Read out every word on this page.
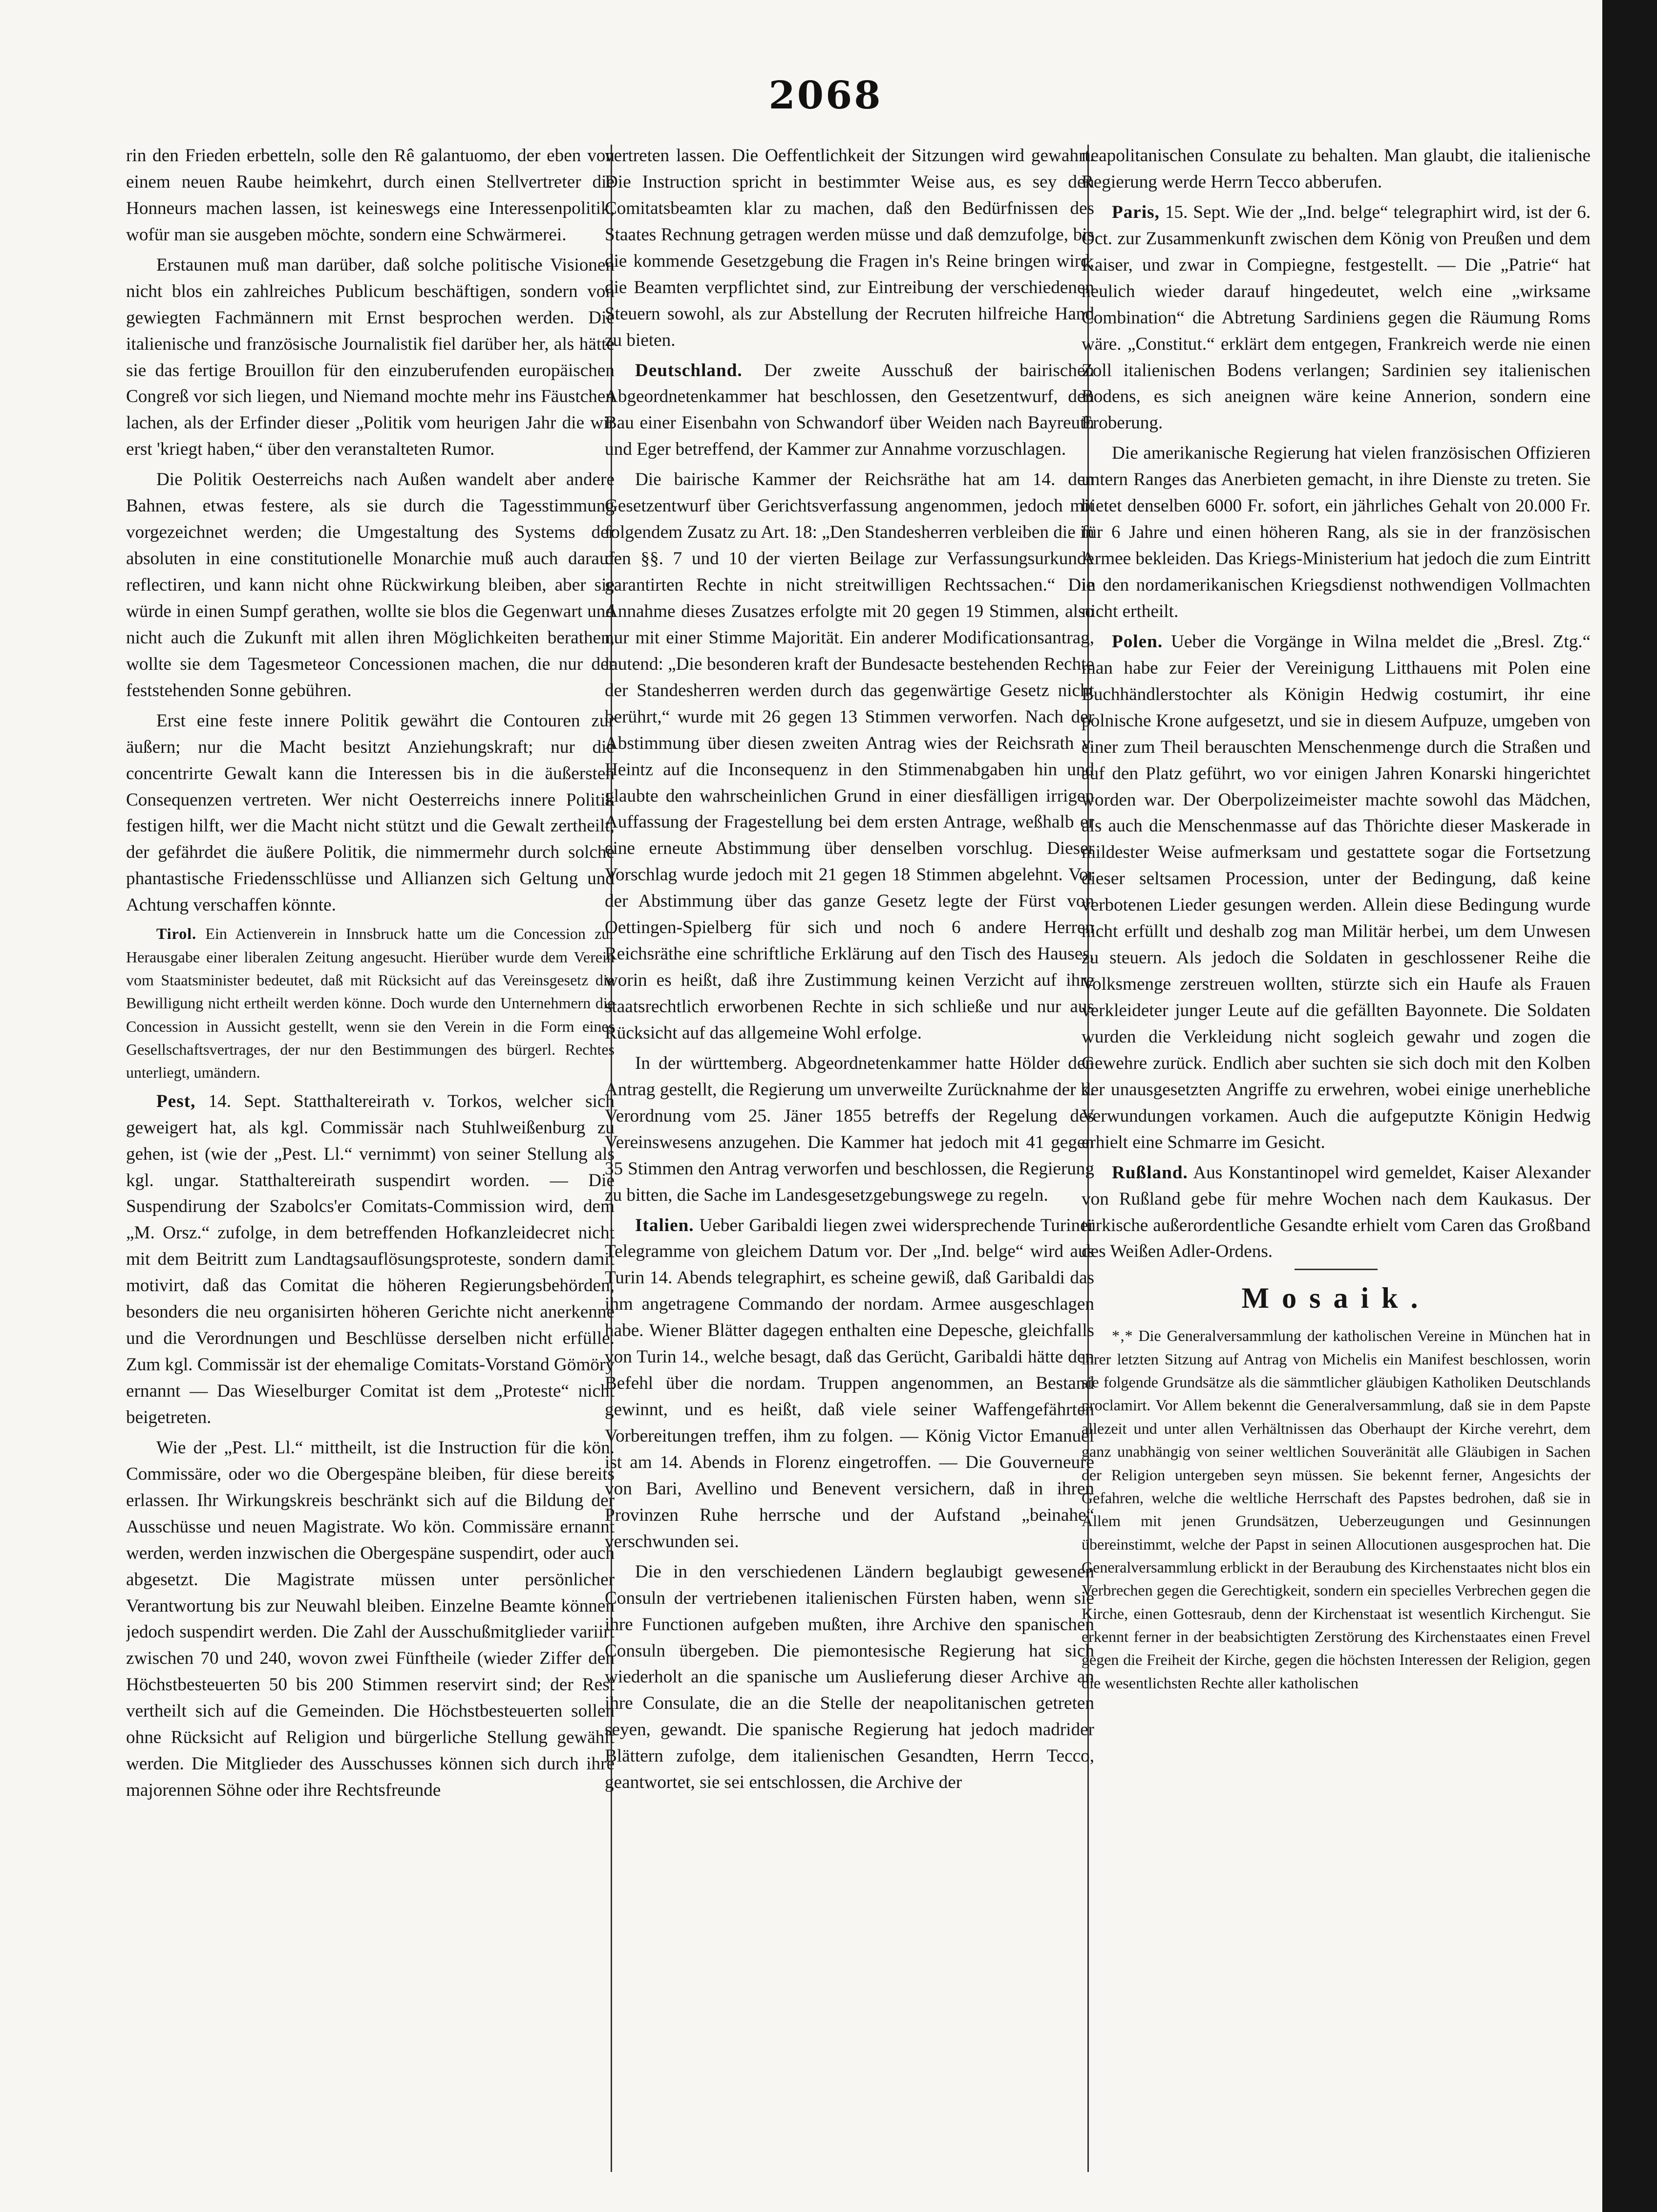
2068

rin den Frieden erbetteln, solle den Rê galantuomo, der eben von einem neuen Raube heimkehrt, durch einen Stellvertreter die Honneurs machen lassen, ist keineswegs eine Interessenpolitik, wofür man sie ausgeben möchte, sondern eine Schwärmerei.

Erstaunen muß man darüber, daß solche politische Visionen nicht blos ein zahlreiches Publicum beschäftigen, sondern von gewiegten Fachmännern mit Ernst besprochen werden. Die italienische und französische Journalistik fiel darüber her, als hätte sie das fertige Brouillon für den einzuberufenden europäischen Congreß vor sich liegen, und Niemand mochte mehr ins Fäustchen lachen, als der Erfinder dieser „Politik vom heurigen Jahr die wir erst 'kriegt haben,“ über den veranstalteten Rumor.

Die Politik Oesterreichs nach Außen wandelt aber andere Bahnen, etwas festere, als sie durch die Tagesstimmung vorgezeichnet werden; die Umgestaltung des Systems der absoluten in eine constitutionelle Monarchie muß auch darauf reflectiren, und kann nicht ohne Rückwirkung bleiben, aber sie würde in einen Sumpf gerathen, wollte sie blos die Gegenwart und nicht auch die Zukunft mit allen ihren Möglichkeiten berathen, wollte sie dem Tagesmeteor Concessionen machen, die nur der feststehenden Sonne gebühren.

Erst eine feste innere Politik gewährt die Contouren zur äußern; nur die Macht besitzt Anziehungskraft; nur die concentrirte Gewalt kann die Interessen bis in die äußersten Consequenzen vertreten. Wer nicht Oesterreichs innere Politik festigen hilft, wer die Macht nicht stützt und die Gewalt zertheilt, der gefährdet die äußere Politik, die nimmermehr durch solche phantastische Friedensschlüsse und Allianzen sich Geltung und Achtung verschaffen könnte.

Tirol. Ein Actienverein in Innsbruck hatte um die Concession zur Herausgabe einer liberalen Zeitung angesucht. Hierüber wurde dem Verein vom Staatsminister bedeutet, daß mit Rücksicht auf das Vereinsgesetz die Bewilligung nicht ertheilt werden könne. Doch wurde den Unternehmern die Concession in Aussicht gestellt, wenn sie den Verein in die Form eines Gesellschaftsvertrages, der nur den Bestimmungen des bürgerl. Rechtes unterliegt, umändern.

Pest, 14. Sept. Statthaltereirath v. Torkos, welcher sich geweigert hat, als kgl. Commissär nach Stuhlweißenburg zu gehen, ist (wie der „Pest. Ll.“ vernimmt) von seiner Stellung als kgl. ungar. Statthaltereirath suspendirt worden. — Die Suspendirung der Szabolcs'er Comitats-Commission wird, dem „M. Orsz.“ zufolge, in dem betreffenden Hofkanzleidecret nicht mit dem Beitritt zum Landtagsauflösungsproteste, sondern damit motivirt, daß das Comitat die höheren Regierungsbehörden, besonders die neu organisirten höheren Gerichte nicht anerkenne und die Verordnungen und Beschlüsse derselben nicht erfülle. Zum kgl. Commissär ist der ehemalige Comitats-Vorstand Gömöry ernannt — Das Wieselburger Comitat ist dem „Proteste“ nicht beigetreten.

Wie der „Pest. Ll.“ mittheilt, ist die Instruction für die kön. Commissäre, oder wo die Obergespäne bleiben, für diese bereits erlassen. Ihr Wirkungskreis beschränkt sich auf die Bildung der Ausschüsse und neuen Magistrate. Wo kön. Commissäre ernannt werden, werden inzwischen die Obergespäne suspendirt, oder auch abgesetzt. Die Magistrate müssen unter persönlicher Verantwortung bis zur Neuwahl bleiben. Einzelne Beamte können jedoch suspendirt werden. Die Zahl der Ausschußmitglieder variirt zwischen 70 und 240, wovon zwei Fünftheile (wieder Ziffer den Höchstbesteuerten 50 bis 200 Stimmen reservirt sind; der Rest vertheilt sich auf die Gemeinden. Die Höchstbesteuerten sollen ohne Rücksicht auf Religion und bürgerliche Stellung gewählt werden. Die Mitglieder des Ausschusses können sich durch ihre majorennen Söhne oder ihre Rechtsfreunde

vertreten lassen. Die Oeffentlichkeit der Sitzungen wird gewahrt. Die Instruction spricht in bestimmter Weise aus, es sey den Comitatsbeamten klar zu machen, daß den Bedürfnissen des Staates Rechnung getragen werden müsse und daß demzufolge, bis die kommende Gesetzgebung die Fragen in's Reine bringen wird, die Beamten verpflichtet sind, zur Eintreibung der verschiedenen Steuern sowohl, als zur Abstellung der Recruten hilfreiche Hand zu bieten.

Deutschland. Der zweite Ausschuß der bairischen Abgeordnetenkammer hat beschlossen, den Gesetzentwurf, den Bau einer Eisenbahn von Schwandorf über Weiden nach Bayreuth und Eger betreffend, der Kammer zur Annahme vorzuschlagen.

Die bairische Kammer der Reichsräthe hat am 14. den Gesetzentwurf über Gerichtsverfassung angenommen, jedoch mit folgendem Zusatz zu Art. 18: „Den Standesherren verbleiben die in den §§. 7 und 10 der vierten Beilage zur Verfassungsurkunde garantirten Rechte in nicht streitwilligen Rechtssachen.“ Die Annahme dieses Zusatzes erfolgte mit 20 gegen 19 Stimmen, also nur mit einer Stimme Majorität. Ein anderer Modificationsantrag, lautend: „Die besonderen kraft der Bundesacte bestehenden Rechte der Standesherren werden durch das gegenwärtige Gesetz nicht berührt,“ wurde mit 26 gegen 13 Stimmen verworfen. Nach der Abstimmung über diesen zweiten Antrag wies der Reichsrath v. Heintz auf die Inconsequenz in den Stimmenabgaben hin und glaubte den wahrscheinlichen Grund in einer diesfälligen irrigen Auffassung der Fragestellung bei dem ersten Antrage, weßhalb er eine erneute Abstimmung über denselben vorschlug. Dieser Vorschlag wurde jedoch mit 21 gegen 18 Stimmen abgelehnt. Vor der Abstimmung über das ganze Gesetz legte der Fürst von Oettingen-Spielberg für sich und noch 6 andere Herren Reichsräthe eine schriftliche Erklärung auf den Tisch des Hauses, worin es heißt, daß ihre Zustimmung keinen Verzicht auf ihre staatsrechtlich erworbenen Rechte in sich schließe und nur aus Rücksicht auf das allgemeine Wohl erfolge.

In der württemberg. Abgeordnetenkammer hatte Hölder den Antrag gestellt, die Regierung um unverweilte Zurücknahme der k. Verordnung vom 25. Jäner 1855 betreffs der Regelung des Vereinswesens anzugehen. Die Kammer hat jedoch mit 41 gegen 35 Stimmen den Antrag verworfen und beschlossen, die Regierung zu bitten, die Sache im Landesgesetzgebungswege zu regeln.

Italien. Ueber Garibaldi liegen zwei widersprechende Turiner Telegramme von gleichem Datum vor. Der „Ind. belge“ wird aus Turin 14. Abends telegraphirt, es scheine gewiß, daß Garibaldi das ihm angetragene Commando der nordam. Armee ausgeschlagen habe. Wiener Blätter dagegen enthalten eine Depesche, gleichfalls von Turin 14., welche besagt, daß das Gerücht, Garibaldi hätte den Befehl über die nordam. Truppen angenommen, an Bestand gewinnt, und es heißt, daß viele seiner Waffengefährten Vorbereitungen treffen, ihm zu folgen. — König Victor Emanuel ist am 14. Abends in Florenz eingetroffen. — Die Gouverneure von Bari, Avellino und Benevent versichern, daß in ihren Provinzen Ruhe herrsche und der Aufstand „beinahe“ verschwunden sei.

Die in den verschiedenen Ländern beglaubigt gewesenen Consuln der vertriebenen italienischen Fürsten haben, wenn sie ihre Functionen aufgeben mußten, ihre Archive den spanischen Consuln übergeben. Die piemontesische Regierung hat sich wiederholt an die spanische um Auslieferung dieser Archive an ihre Consulate, die an die Stelle der neapolitanischen getreten seyen, gewandt. Die spanische Regierung hat jedoch madrider Blättern zufolge, dem italienischen Gesandten, Herrn Tecco, geantwortet, sie sei entschlossen, die Archive der

neapolitanischen Consulate zu behalten. Man glaubt, die italienische Regierung werde Herrn Tecco abberufen.

Paris, 15. Sept. Wie der „Ind. belge“ telegraphirt wird, ist der 6. Oct. zur Zusammenkunft zwischen dem König von Preußen und dem Kaiser, und zwar in Compiegne, festgestellt. — Die „Patrie“ hat neulich wieder darauf hingedeutet, welch eine „wirksame Combination“ die Abtretung Sardiniens gegen die Räumung Roms wäre. „Constitut.“ erklärt dem entgegen, Frankreich werde nie einen Zoll italienischen Bodens verlangen; Sardinien sey italienischen Bodens, es sich aneignen wäre keine Annerion, sondern eine Eroberung.

Die amerikanische Regierung hat vielen französischen Offizieren untern Ranges das Anerbieten gemacht, in ihre Dienste zu treten. Sie bietet denselben 6000 Fr. sofort, ein jährliches Gehalt von 20.000 Fr. für 6 Jahre und einen höheren Rang, als sie in der französischen Armee bekleiden. Das Kriegs-Ministerium hat jedoch die zum Eintritt in den nordamerikanischen Kriegsdienst nothwendigen Vollmachten nicht ertheilt.

Polen. Ueber die Vorgänge in Wilna meldet die „Bresl. Ztg.“ man habe zur Feier der Vereinigung Litthauens mit Polen eine Buchhändlerstochter als Königin Hedwig costumirt, ihr eine polnische Krone aufgesetzt, und sie in diesem Aufpuze, umgeben von einer zum Theil berauschten Menschenmenge durch die Straßen und auf den Platz geführt, wo vor einigen Jahren Konarski hingerichtet worden war. Der Oberpolizeimeister machte sowohl das Mädchen, als auch die Menschenmasse auf das Thörichte dieser Maskerade in mildester Weise aufmerksam und gestattete sogar die Fortsetzung dieser seltsamen Procession, unter der Bedingung, daß keine verbotenen Lieder gesungen werden. Allein diese Bedingung wurde nicht erfüllt und deshalb zog man Militär herbei, um dem Unwesen zu steuern. Als jedoch die Soldaten in geschlossener Reihe die Volksmenge zerstreuen wollten, stürzte sich ein Haufe als Frauen verkleideter junger Leute auf die gefällten Bayonnete. Die Soldaten wurden die Verkleidung nicht sogleich gewahr und zogen die Gewehre zurück. Endlich aber suchten sie sich doch mit den Kolben der unausgesetzten Angriffe zu erwehren, wobei einige unerhebliche Verwundungen vorkamen. Auch die aufgeputzte Königin Hedwig erhielt eine Schmarre im Gesicht.

Rußland. Aus Konstantinopel wird gemeldet, Kaiser Alexander von Rußland gebe für mehre Wochen nach dem Kaukasus. Der türkische außerordentliche Gesandte erhielt vom Caren das Großband des Weißen Adler-Ordens.

Mosaik.

*‚* Die Generalversammlung der katholischen Vereine in München hat in ihrer letzten Sitzung auf Antrag von Michelis ein Manifest beschlossen, worin sie folgende Grundsätze als die sämmtlicher gläubigen Katholiken Deutschlands proclamirt. Vor Allem bekennt die Generalversammlung, daß sie in dem Papste allezeit und unter allen Verhältnissen das Oberhaupt der Kirche verehrt, dem ganz unabhängig von seiner weltlichen Souveränität alle Gläubigen in Sachen der Religion untergeben seyn müssen. Sie bekennt ferner, Angesichts der Gefahren, welche die weltliche Herrschaft des Papstes bedrohen, daß sie in Allem mit jenen Grundsätzen, Ueberzeugungen und Gesinnungen übereinstimmt, welche der Papst in seinen Allocutionen ausgesprochen hat. Die Generalversammlung erblickt in der Beraubung des Kirchenstaates nicht blos ein Verbrechen gegen die Gerechtigkeit, sondern ein specielles Verbrechen gegen die Kirche, einen Gottesraub, denn der Kirchenstaat ist wesentlich Kirchengut. Sie erkennt ferner in der beabsichtigten Zerstörung des Kirchenstaates einen Frevel gegen die Freiheit der Kirche, gegen die höchsten Interessen der Religion, gegen die wesentlichsten Rechte aller katholischen
